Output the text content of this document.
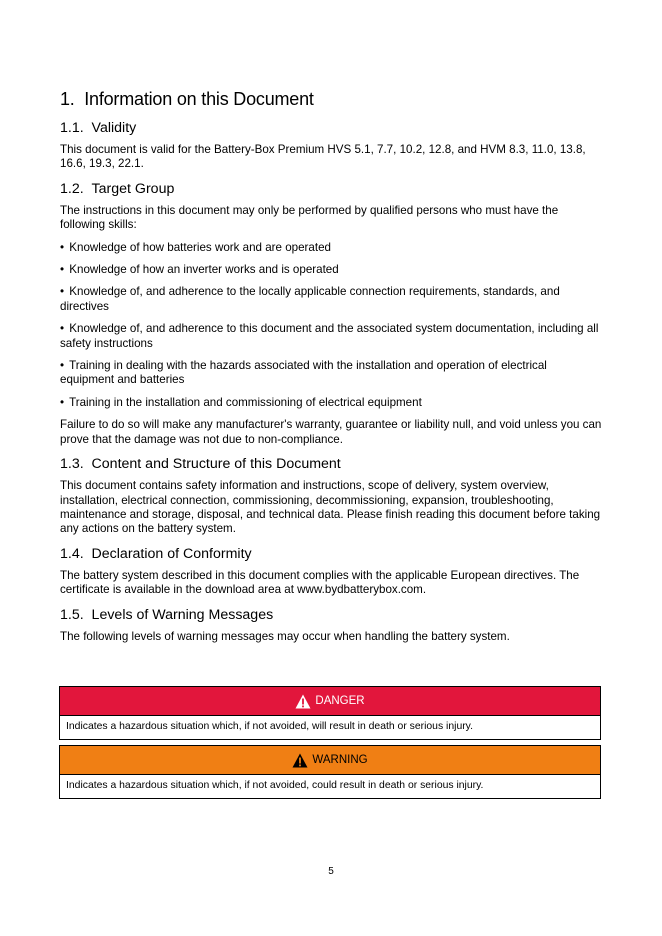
1.  Information on this Document
1.1.  Validity

This document is valid for the Battery-Box Premium HVS 5.1, 7.7, 10.2, 12.8, and HVM 8.3, 11.0, 13.8, 16.6, 19.3, 22.1.

1.2.  Target Group

The instructions in this document may only be performed by qualified persons who must have the following skills:

• Knowledge of how batteries work and are operated

• Knowledge of how an inverter works and is operated

• Knowledge of, and adherence to the locally applicable connection requirements, standards, and directives

• Knowledge of, and adherence to this document and the associated system documentation, including all safety instructions

• Training in dealing with the hazards associated with the installation and operation of electrical equipment and batteries

• Training in the installation and commissioning of electrical equipment

Failure to do so will make any manufacturer's warranty, guarantee or liability null, and void unless you can prove that the damage was not due to non-compliance.

1.3.  Content and Structure of this Document

This document contains safety information and instructions, scope of delivery, system overview, installation, electrical connection, commissioning, decommissioning, expansion, troubleshooting, maintenance and storage, disposal, and technical data. Please finish reading this document before taking any actions on the battery system.

1.4.  Declaration of Conformity

The battery system described in this document complies with the applicable European directives. The certificate is available in the download area at www.bydbatterybox.com.

1.5.  Levels of Warning Messages

The following levels of warning messages may occur when handling the battery system.

DANGER
Indicates a hazardous situation which, if not avoided, will result in death or serious injury.
WARNING
Indicates a hazardous situation which, if not avoided, could result in death or serious injury.
5
